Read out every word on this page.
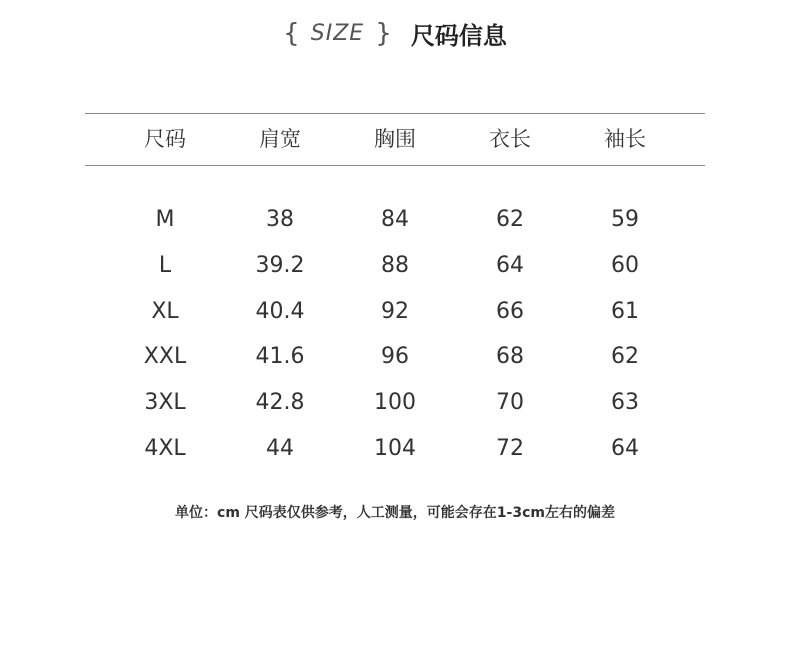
{ SIZE } 尺码信息
尺码	肩宽	胸围	衣长	袖长
M	38	84	62	59
L	39.2	88	64	60
XL	40.4	92	66	61
XXL	41.6	96	68	62
3XL	42.8	100	70	63
4XL	44	104	72	64
单位：cm 尺码表仅供参考，人工测量，可能会存在1-3cm左右的偏差
